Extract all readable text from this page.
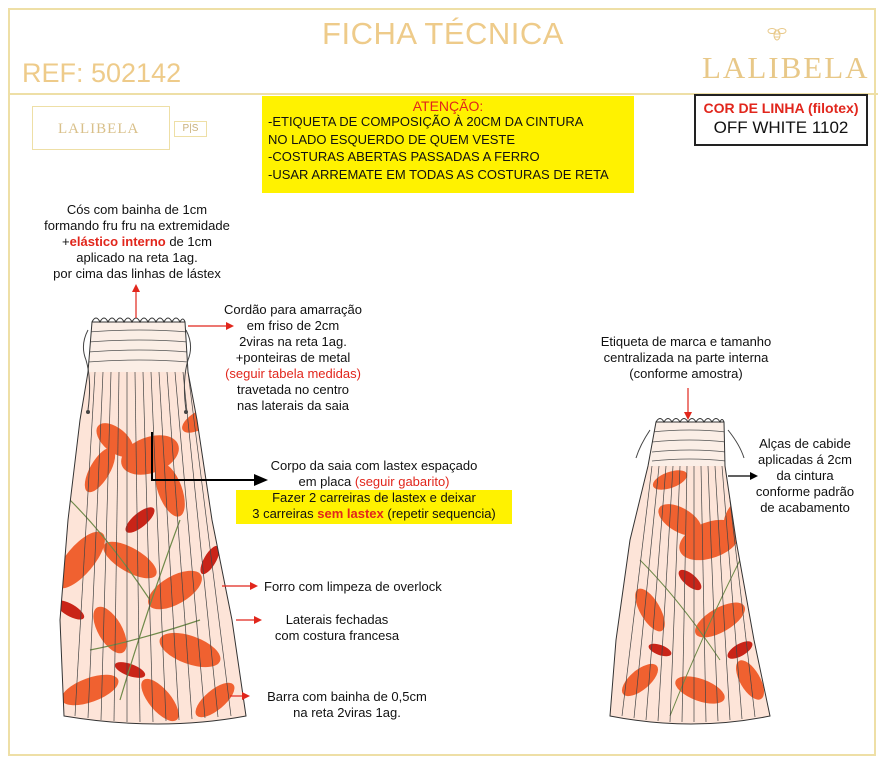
FICHA TÉCNICA
REF: 502142	LALIBELA
LALIBELA	P|S
ATENÇÃO:
-ETIQUETA DE COMPOSIÇÃO À 20CM DA CINTURA
NO LADO ESQUERDO DE QUEM VESTE
-COSTURAS ABERTAS PASSADAS A FERRO
-USAR ARREMATE EM TODAS AS COSTURAS DE RETA
COR DE LINHA (filotex)
OFF WHITE 1102
Cós com bainha de 1cm
formando fru fru na extremidade
+elástico interno de 1cm
aplicado na reta 1ag.
por cima das linhas de lástex
Cordão para amarração
em friso de 2cm
2viras na reta 1ag.
+ponteiras de metal
(seguir tabela medidas)
travetada no centro
nas laterais da saia
Corpo da saia com lastex espaçado
em placa (seguir gabarito)
Fazer 2 carreiras de lastex e deixar
3 carreiras sem lastex (repetir sequencia)
Forro com limpeza de overlock
Laterais fechadas
com costura francesa
Barra com bainha de 0,5cm
na reta 2viras 1ag.
Etiqueta de marca e tamanho
centralizada na parte interna
(conforme amostra)
Alças de cabide
aplicadas á 2cm
da cintura
conforme padrão
de acabamento
